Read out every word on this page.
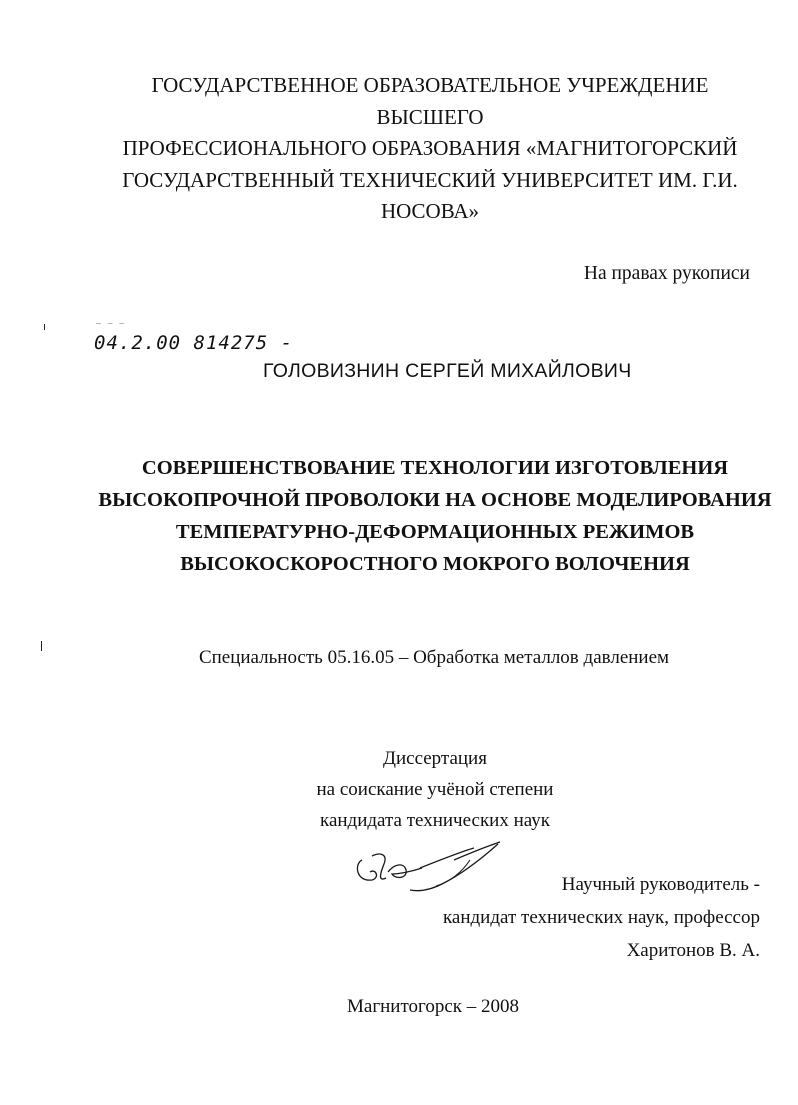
ГОСУДАРСТВЕННОЕ ОБРАЗОВАТЕЛЬНОЕ УЧРЕЖДЕНИЕ ВЫСШЕГО
ПРОФЕССИОНАЛЬНОГО ОБРАЗОВАНИЯ «МАГНИТОГОРСКИЙ
ГОСУДАРСТВЕННЫЙ ТЕХНИЧЕСКИЙ УНИВЕРСИТЕТ ИМ. Г.И.
НОСОВА»
На правах рукописи
‾ ‾ ‾
04.2.00 814275 -
ГОЛОВИЗНИН СЕРГЕЙ МИХАЙЛОВИЧ
СОВЕРШЕНСТВОВАНИЕ ТЕХНОЛОГИИ ИЗГОТОВЛЕНИЯ
ВЫСОКОПРОЧНОЙ ПРОВОЛОКИ НА ОСНОВЕ МОДЕЛИРОВАНИЯ
ТЕМПЕРАТУРНО-ДЕФОРМАЦИОННЫХ РЕЖИМОВ
ВЫСОКОСКОРОСТНОГО МОКРОГО ВОЛОЧЕНИЯ
Специальность 05.16.05 – Обработка металлов давлением
Диссертация
на соискание учёной степени
кандидата технических наук
Научный руководитель -
кандидат технических наук, профессор
Харитонов В. А.
Магнитогорск – 2008
